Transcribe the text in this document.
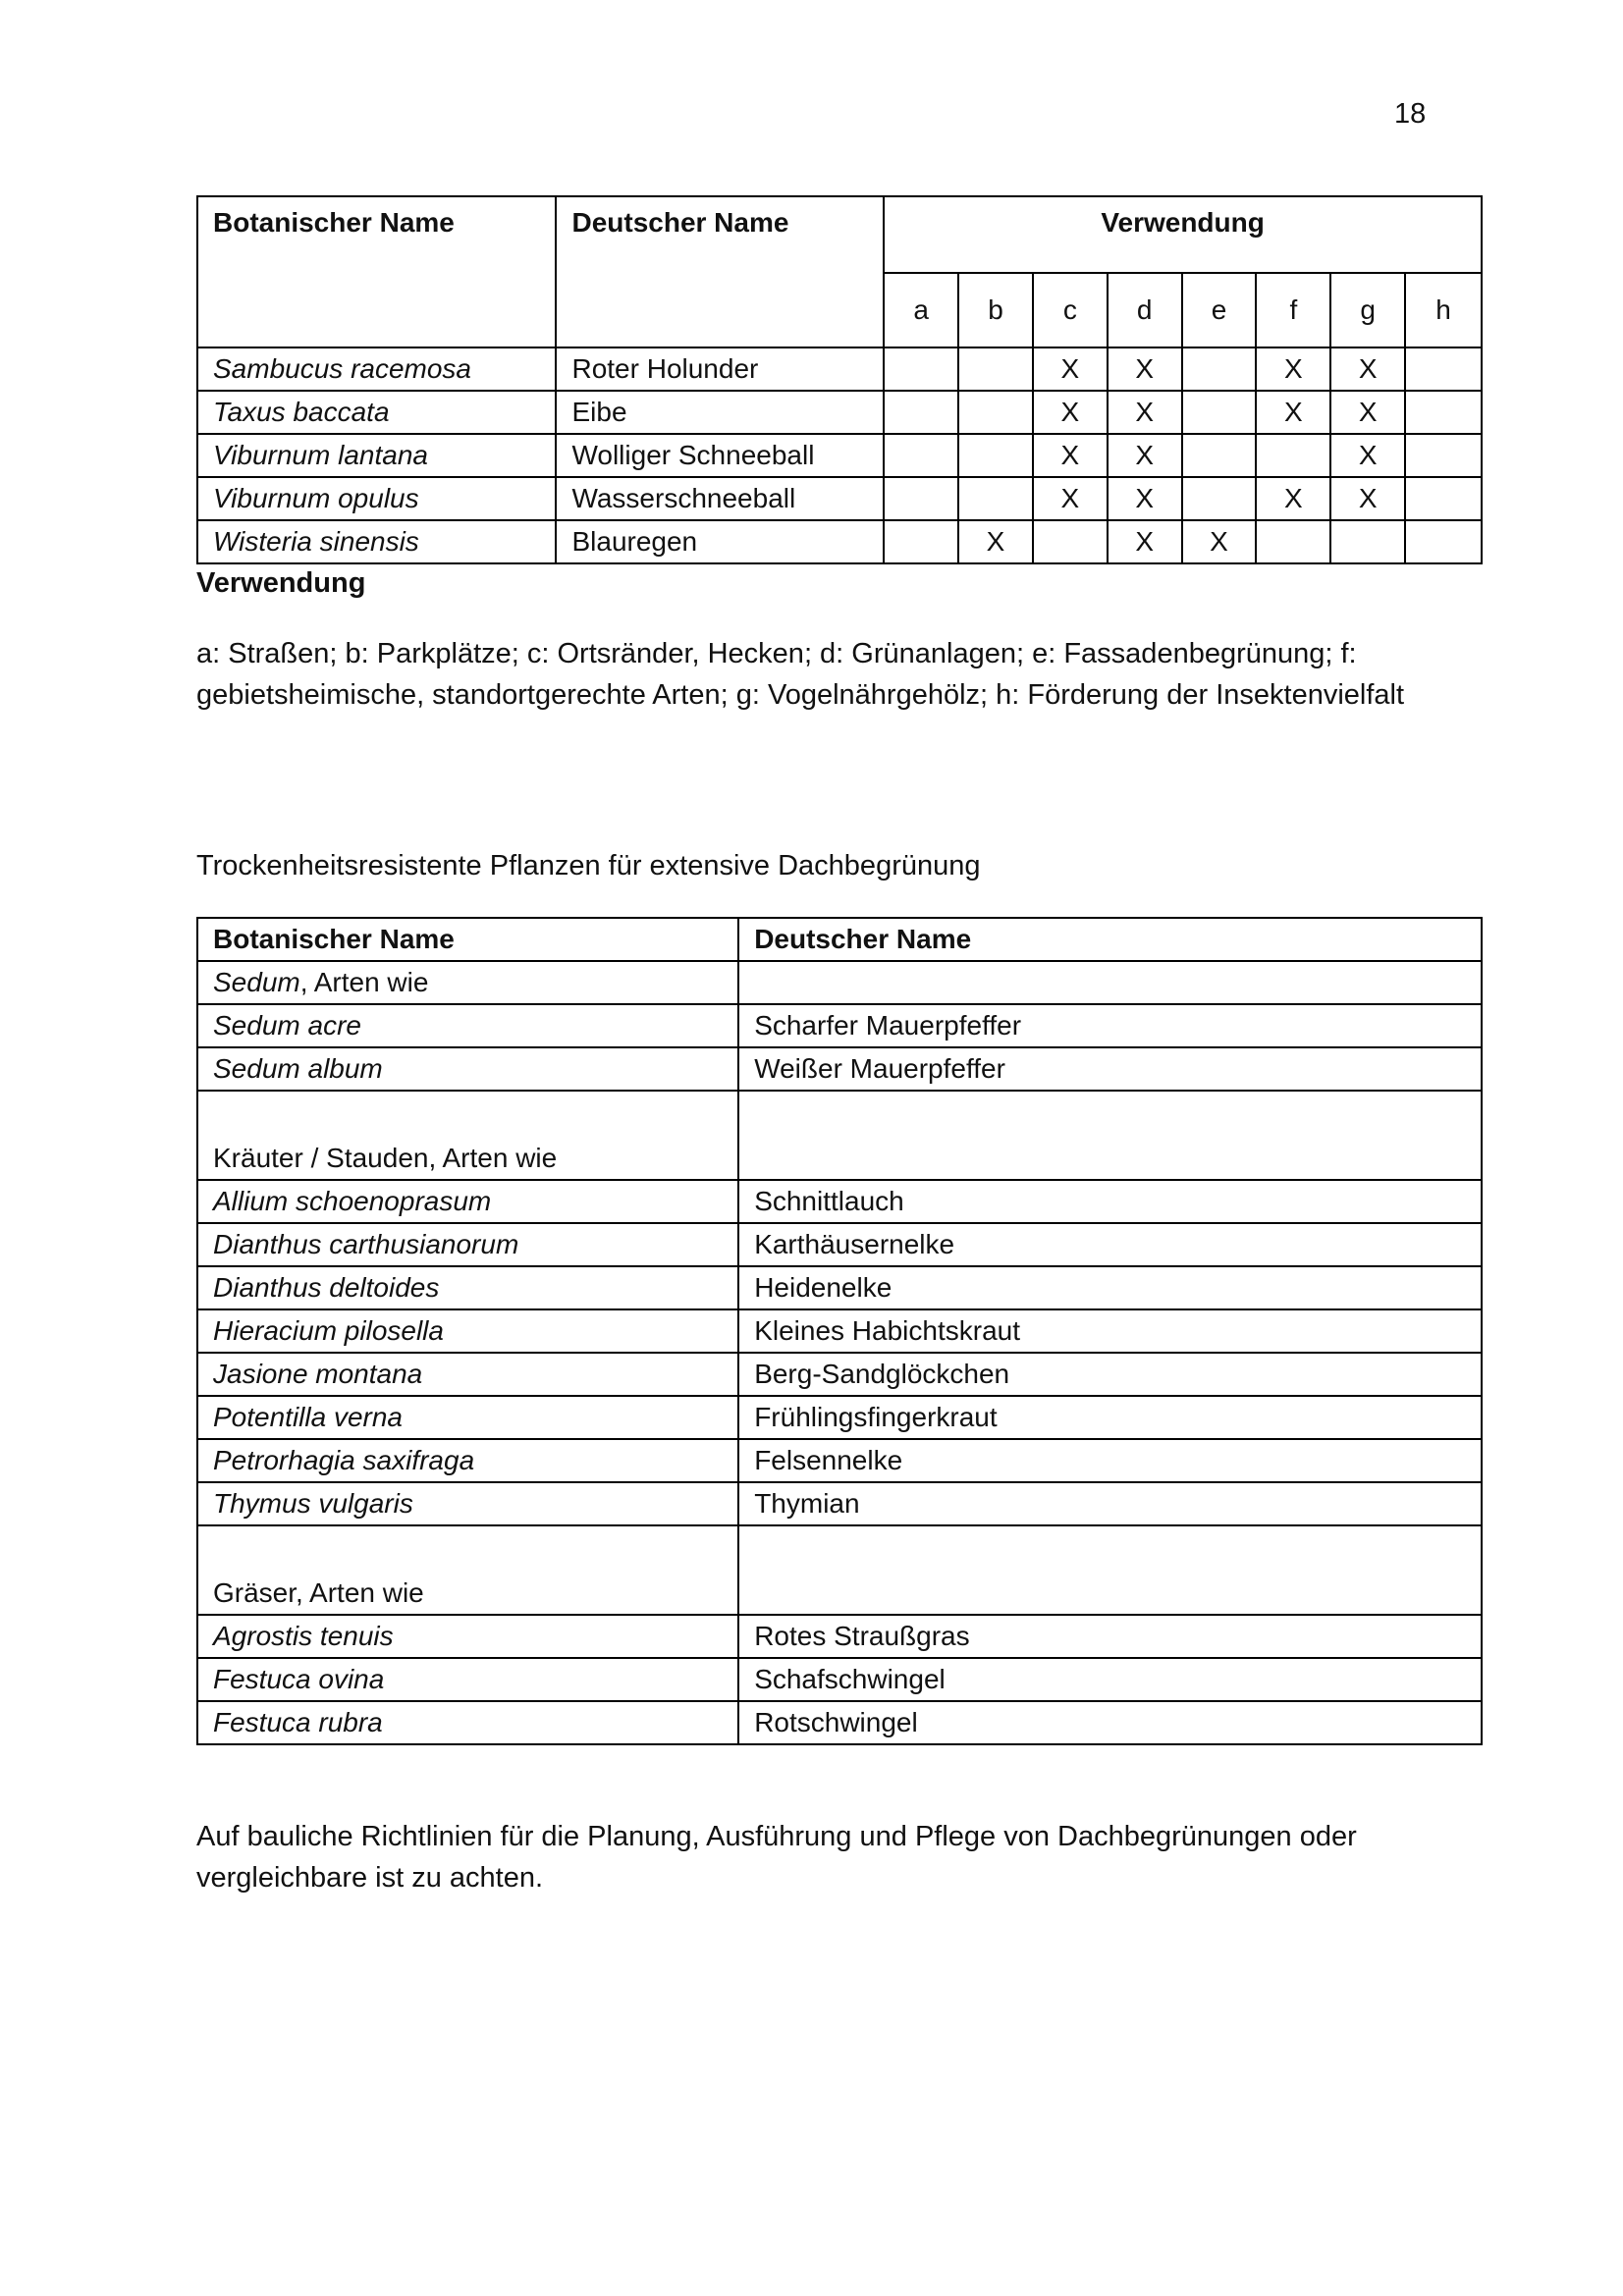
18
Botanischer Name	Deutscher Name	Verwendung							
		a	b	c	d	e	f	g	h
Sambucus racemosa	Roter Holunder			X	X		X	X	
Taxus baccata	Eibe			X	X		X	X	
Viburnum lantana	Wolliger Schneeball			X	X			X	
Viburnum opulus	Wasserschneeball			X	X		X	X	
Wisteria sinensis	Blauregen		X		X	X			
Verwendung
a: Straßen; b: Parkplätze; c: Ortsränder, Hecken; d: Grünanlagen; e: Fassadenbegrünung; f: gebietsheimische, standortgerechte Arten; g: Vogelnährgehölz; h: Förderung der Insektenvielfalt
Trockenheitsresistente Pflanzen für extensive Dachbegrünung
Botanischer Name	Deutscher Name
Sedum, Arten wie	
Sedum acre	Scharfer Mauerpfeffer
Sedum album	Weißer Mauerpfeffer
Kräuter / Stauden, Arten wie	
Allium schoenoprasum	Schnittlauch
Dianthus carthusianorum	Karthäusernelke
Dianthus deltoides	Heidenelke
Hieracium pilosella	Kleines Habichtskraut
Jasione montana	Berg-Sandglöckchen
Potentilla verna	Frühlingsfingerkraut
Petrorhagia saxifraga	Felsennelke
Thymus vulgaris	Thymian
Gräser, Arten wie	
Agrostis tenuis	Rotes Straußgras
Festuca ovina	Schafschwingel
Festuca rubra	Rotschwingel
Auf bauliche Richtlinien für die Planung, Ausführung und Pflege von Dachbegrünungen oder vergleichbare ist zu achten.
